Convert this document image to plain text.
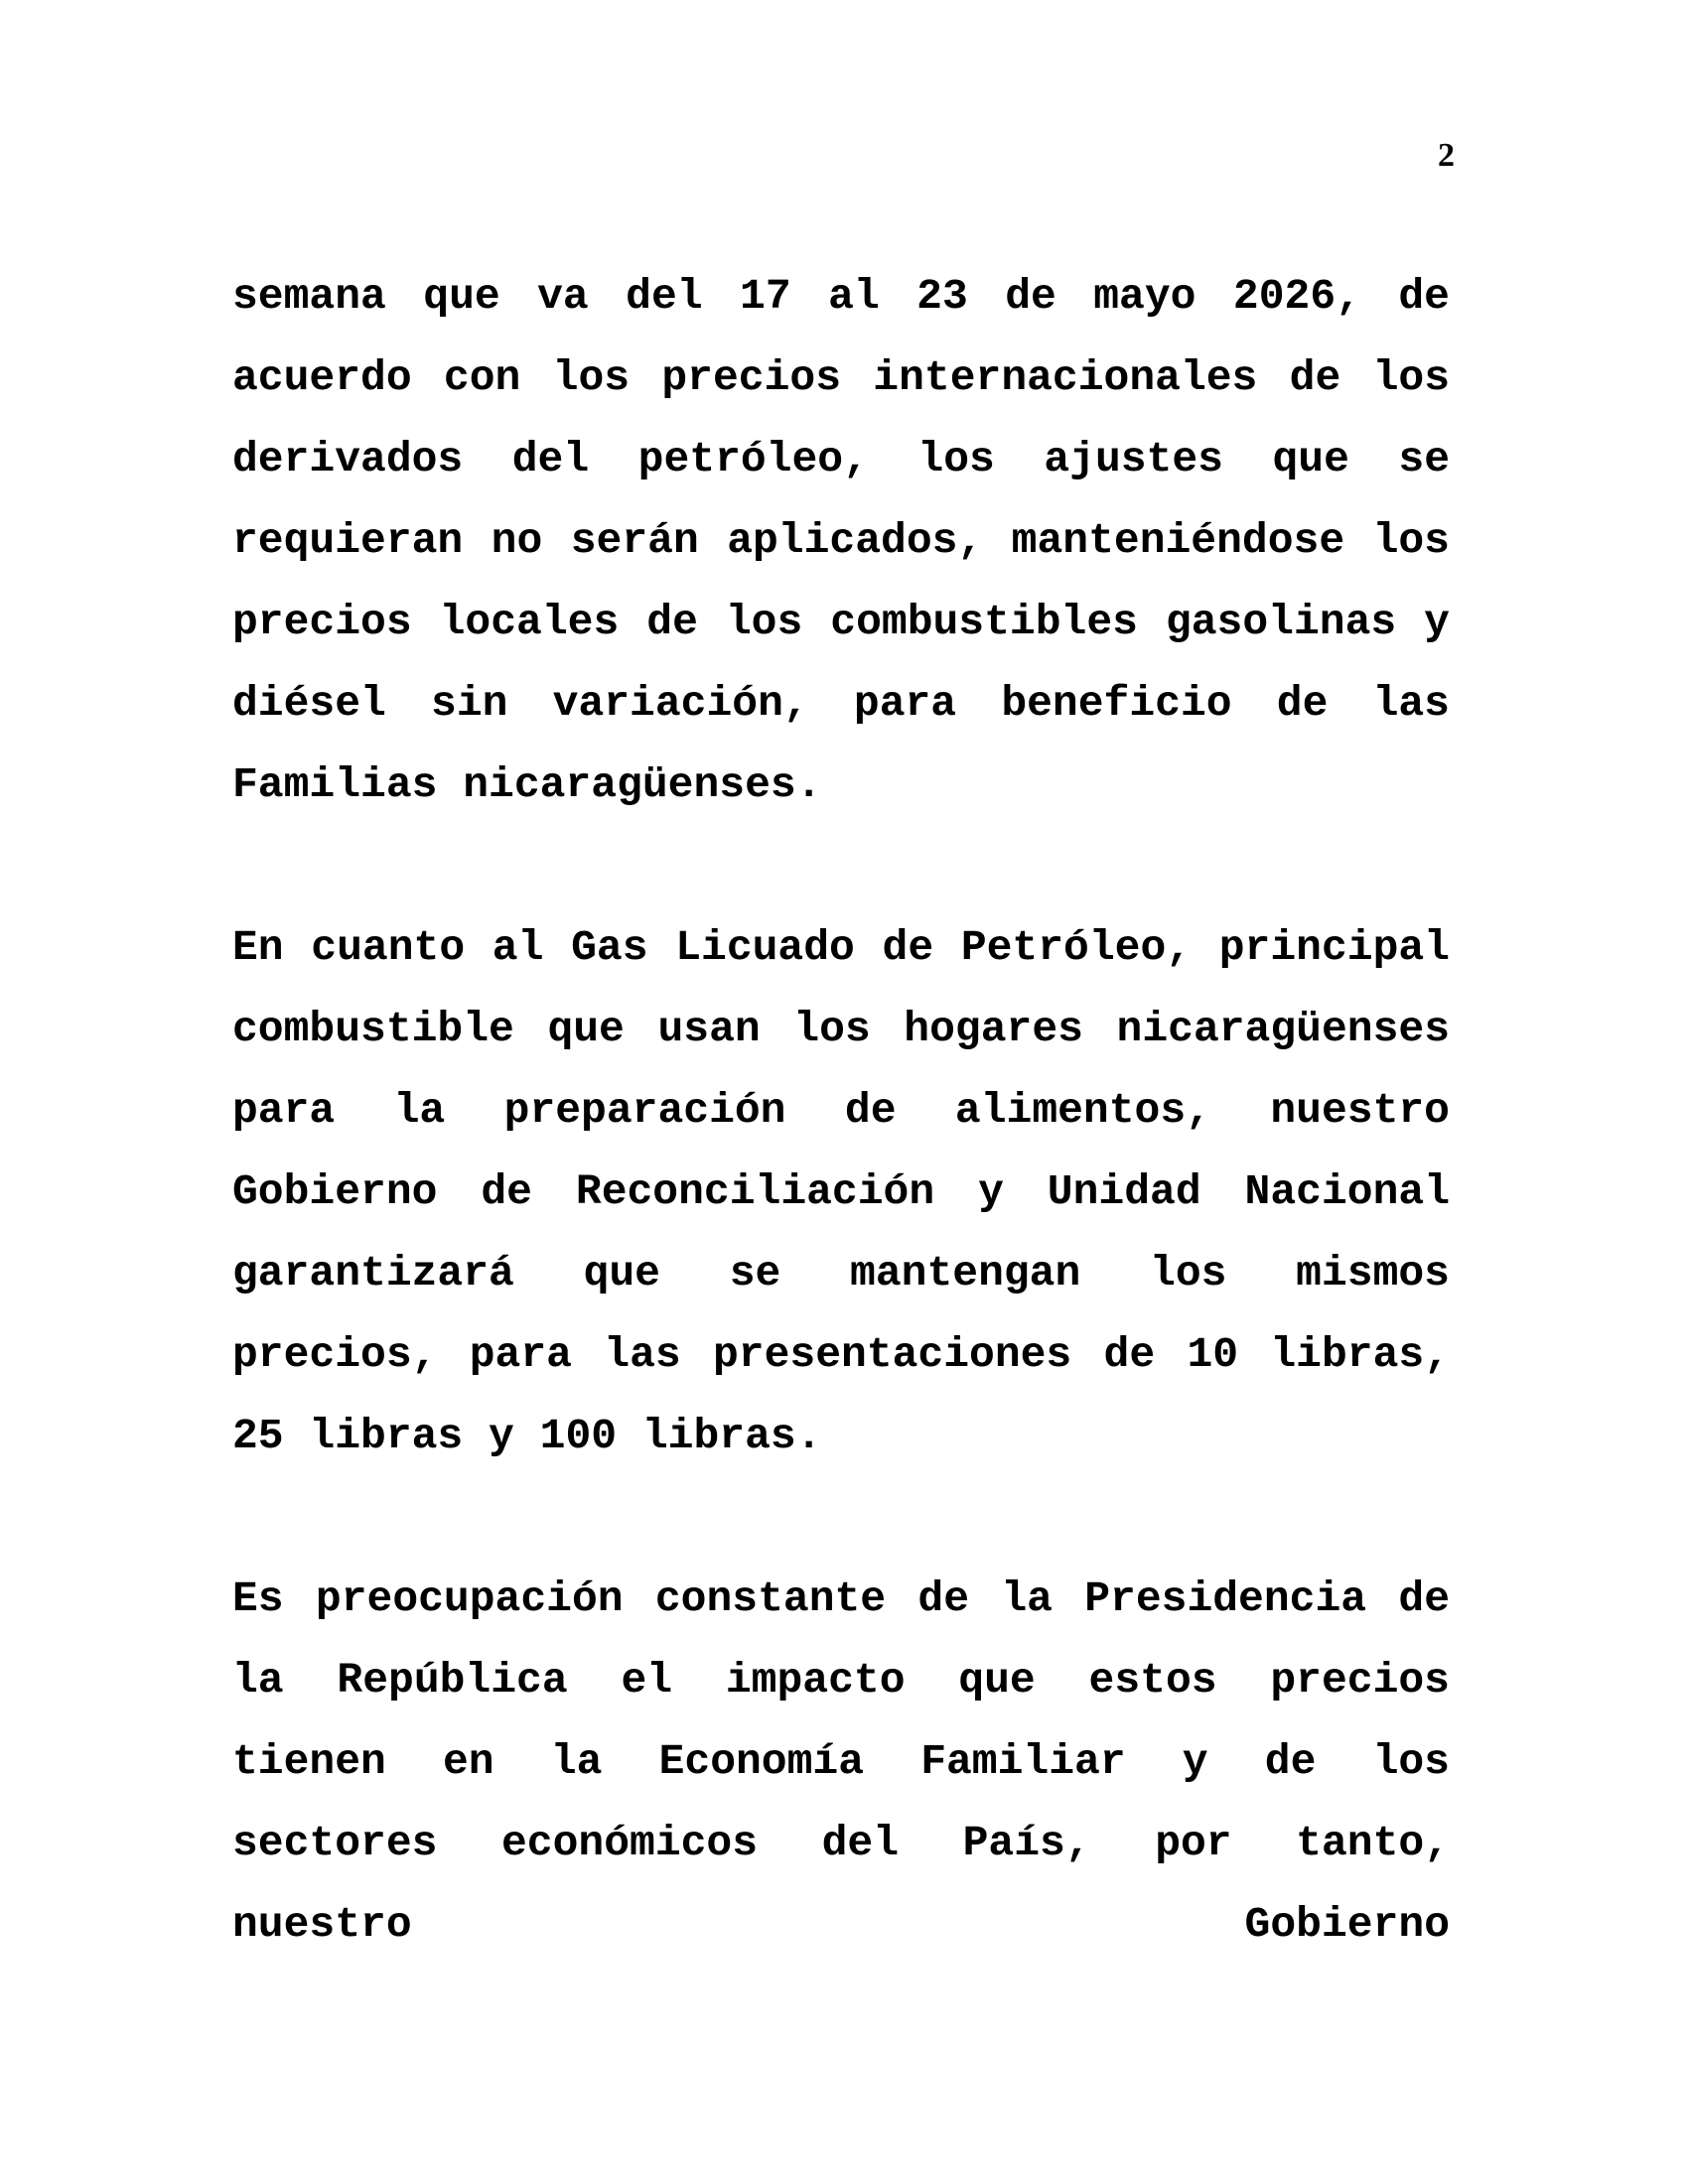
2

semana que va del 17 al 23 de mayo 2026, de acuerdo con los precios internacionales de los derivados del petróleo, los ajustes que se requieran no serán aplicados, manteniéndose los precios locales de los combustibles gasolinas y diésel sin variación, para beneficio de las Familias nicaragüenses.

En cuanto al Gas Licuado de Petróleo, principal combustible que usan los hogares nicaragüenses para la preparación de alimentos, nuestro Gobierno de Reconciliación y Unidad Nacional garantizará que se mantengan los mismos precios, para las presentaciones de 10 libras, 25 libras y 100 libras.

Es preocupación constante de la Presidencia de la República el impacto que estos precios tienen en la Economía Familiar y de los sectores económicos del País, por tanto, nuestro Gobierno
